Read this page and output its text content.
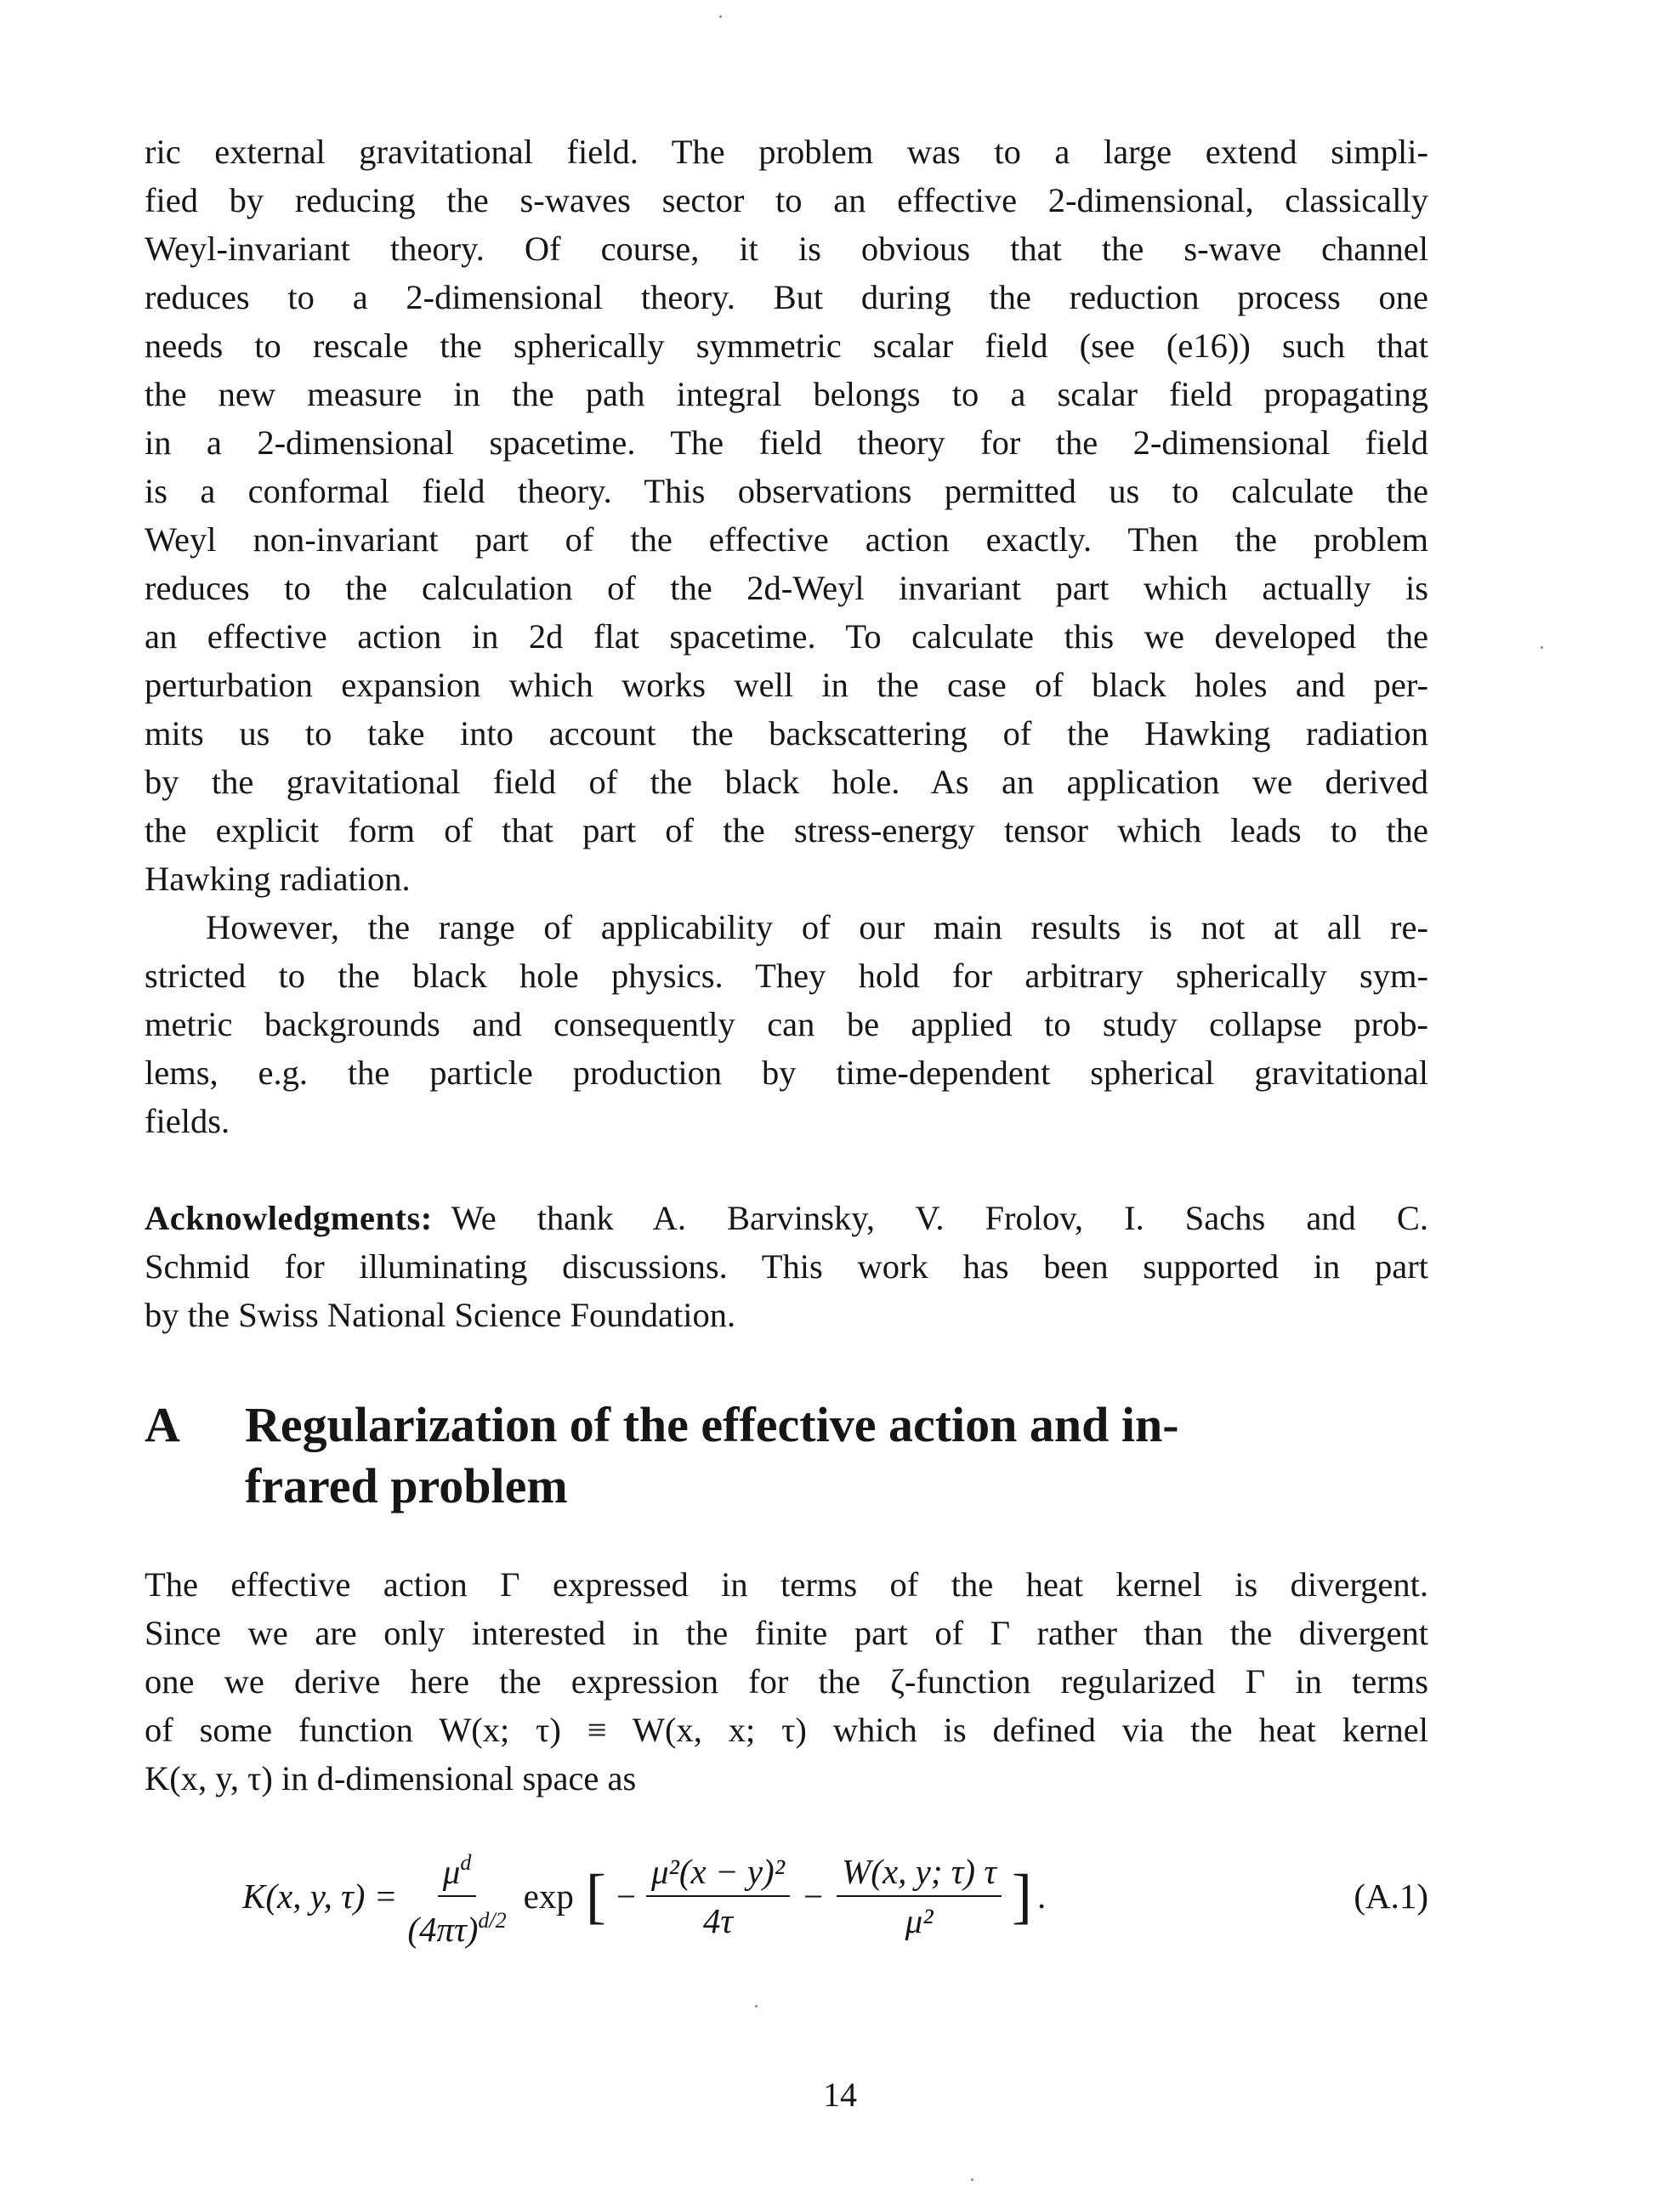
ric external gravitational field. The problem was to a large extend simpli-
fied by reducing the s-waves sector to an effective 2-dimensional, classically
Weyl-invariant theory. Of course, it is obvious that the s-wave channel
reduces to a 2-dimensional theory. But during the reduction process one
needs to rescale the spherically symmetric scalar field (see (e16)) such that
the new measure in the path integral belongs to a scalar field propagating
in a 2-dimensional spacetime. The field theory for the 2-dimensional field
is a conformal field theory. This observations permitted us to calculate the
Weyl non-invariant part of the effective action exactly. Then the problem
reduces to the calculation of the 2d-Weyl invariant part which actually is
an effective action in 2d flat spacetime. To calculate this we developed the
perturbation expansion which works well in the case of black holes and per-
mits us to take into account the backscattering of the Hawking radiation
by the gravitational field of the black hole. As an application we derived
the explicit form of that part of the stress-energy tensor which leads to the
Hawking radiation.

However, the range of applicability of our main results is not at all re-
stricted to the black hole physics. They hold for arbitrary spherically sym-
metric backgrounds and consequently can be applied to study collapse prob-
lems, e.g. the particle production by time-dependent spherical gravitational
fields.

Acknowledgments: We thank A. Barvinsky, V. Frolov, I. Sachs and C.
Schmid for illuminating discussions. This work has been supported in part
by the Swiss National Science Foundation.

A Regularization of the effective action and in-
frared problem

The effective action Γ expressed in terms of the heat kernel is divergent.
Since we are only interested in the finite part of Γ rather than the divergent
one we derive here the expression for the ζ-function regularized Γ in terms
of some function W(x; τ) ≡ W(x, x; τ) which is defined via the heat kernel
K(x, y, τ) in d-dimensional space as

K(x, y, $\tau) = \frac{\mu^d}{(4\pi\tau)^{d/2}}$ exp [ − $\frac{\text{μ²(x − y)²}}{4\tau} - \frac{W(x, y; \tau) \tau}{\text{μ²}}$ ] .	(A.1)
14
